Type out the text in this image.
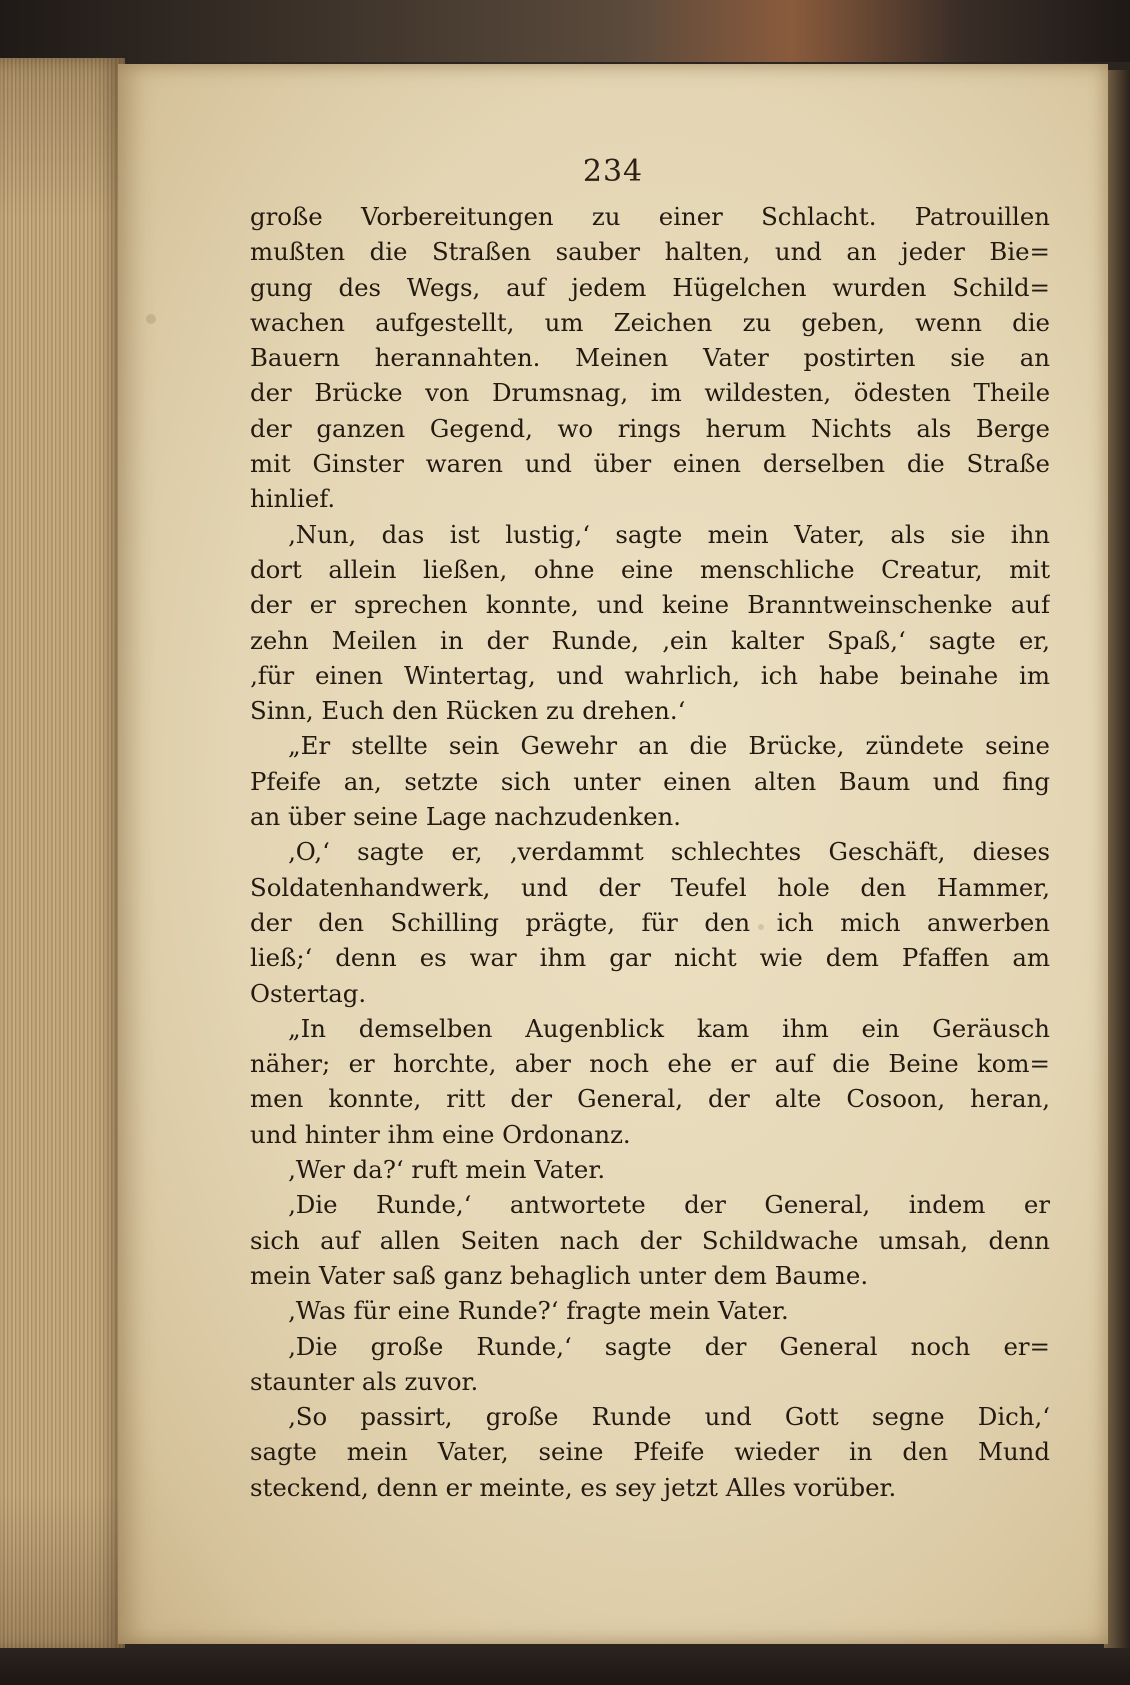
234
große Vorbereitungen zu einer Schlacht. Patrouillen
mußten die Straßen sauber halten, und an jeder Bie=
gung des Wegs, auf jedem Hügelchen wurden Schild=
wachen aufgestellt, um Zeichen zu geben, wenn die
Bauern herannahten. Meinen Vater postirten sie an
der Brücke von Drumsnag, im wildesten, ödesten Theile
der ganzen Gegend, wo rings herum Nichts als Berge
mit Ginster waren und über einen derselben die Straße
hinlief.
‚Nun, das ist lustig,‘ sagte mein Vater, als sie ihn
dort allein ließen, ohne eine menschliche Creatur, mit
der er sprechen konnte, und keine Branntweinschenke auf
zehn Meilen in der Runde, ‚ein kalter Spaß,‘ sagte er,
‚für einen Wintertag, und wahrlich, ich habe beinahe im
Sinn, Euch den Rücken zu drehen.‘
„Er stellte sein Gewehr an die Brücke, zündete seine
Pfeife an, setzte sich unter einen alten Baum und fing
an über seine Lage nachzudenken.
‚O,‘ sagte er, ‚verdammt schlechtes Geschäft, dieses
Soldatenhandwerk, und der Teufel hole den Hammer,
der den Schilling prägte, für den ich mich anwerben
ließ;‘ denn es war ihm gar nicht wie dem Pfaffen am
Ostertag.
„In demselben Augenblick kam ihm ein Geräusch
näher; er horchte, aber noch ehe er auf die Beine kom=
men konnte, ritt der General, der alte Cosoon, heran,
und hinter ihm eine Ordonanz.
‚Wer da?‘ ruft mein Vater.
‚Die Runde,‘ antwortete der General, indem er
sich auf allen Seiten nach der Schildwache umsah, denn
mein Vater saß ganz behaglich unter dem Baume.
‚Was für eine Runde?‘ fragte mein Vater.
‚Die große Runde,‘ sagte der General noch er=
staunter als zuvor.
‚So passirt, große Runde und Gott segne Dich,‘
sagte mein Vater, seine Pfeife wieder in den Mund
steckend, denn er meinte, es sey jetzt Alles vorüber.
